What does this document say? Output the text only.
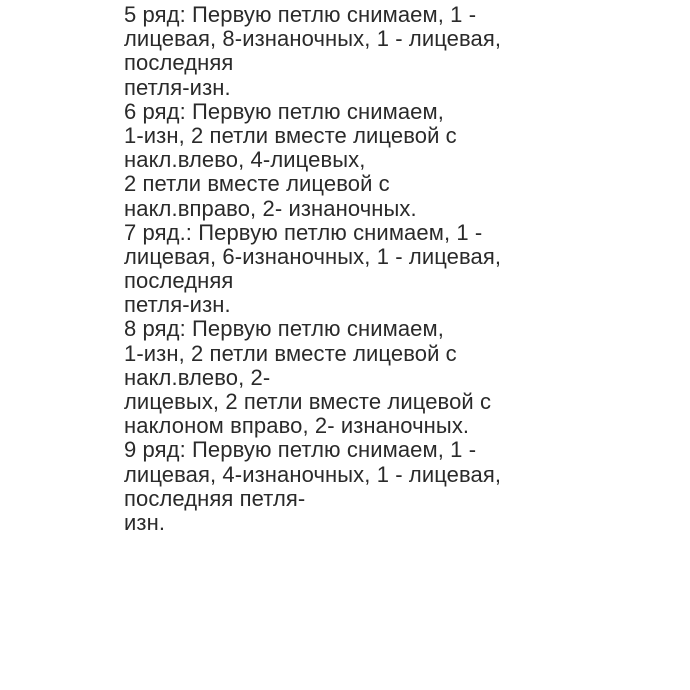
5 ряд: Первую петлю снимаем, 1 -
лицевая, 8-изнаночных, 1 - лицевая,
последняя
петля-изн.
6 ряд: Первую петлю снимаем,
1-изн, 2 петли вместе лицевой с
накл.влево, 4-лицевых,
2 петли вместе лицевой с
накл.вправо, 2- изнаночных.
7 ряд.: Первую петлю снимаем, 1 -
лицевая, 6-изнаночных, 1 - лицевая,
последняя
петля-изн.
8 ряд: Первую петлю снимаем,
1-изн, 2 петли вместе лицевой с
накл.влево, 2-
лицевых, 2 петли вместе лицевой с
наклоном вправо, 2- изнаночных.
9 ряд: Первую петлю снимаем, 1 -
лицевая, 4-изнаночных, 1 - лицевая,
последняя петля-
изн.
